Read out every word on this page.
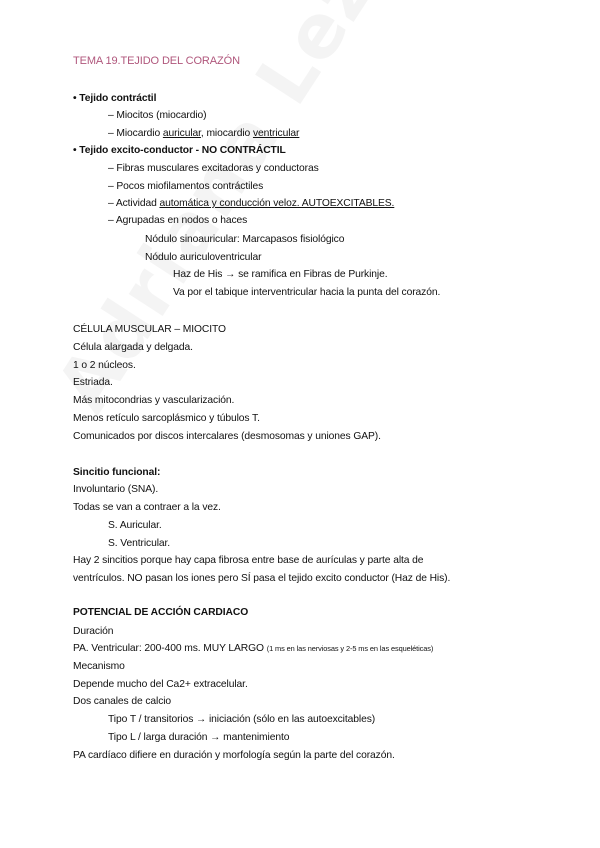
TEMA 19.TEJIDO DEL CORAZÓN
• Tejido contráctil
– Miocitos (miocardio)
– Miocardio auricular, miocardio ventricular
• Tejido excito-conductor - NO CONTRÁCTIL
– Fibras musculares excitadoras y conductoras
– Pocos miofilamentos contráctiles
– Actividad automática y conducción veloz. AUTOEXCITABLES.
– Agrupadas en nodos o haces
Nódulo sinoauricular: Marcapasos fisiológico
Nódulo auriculoventricular
Haz de His → se ramifica en Fibras de Purkinje.
Va por el tabique interventricular hacia la punta del corazón.
CÉLULA MUSCULAR – MIOCITO
Célula alargada y delgada.
1 o 2 núcleos.
Estriada.
Más mitocondrias y vascularización.
Menos retículo sarcoplásmico y túbulos T.
Comunicados por discos intercalares (desmosomas y uniones GAP).
Sincitio funcional:
Involuntario (SNA).
Todas se van a contraer a la vez.
S. Auricular.
S. Ventricular.
Hay 2 sincitios porque hay capa fibrosa entre base de aurículas y parte alta de
ventrículos. NO pasan los iones pero SÍ pasa el tejido excito conductor (Haz de His).
POTENCIAL DE ACCIÓN CARDIACO
Duración
PA. Ventricular: 200-400 ms. MUY LARGO (1 ms en las nerviosas y 2-5 ms en las esqueléticas)
Mecanismo
Depende mucho del Ca2+ extracelular.
Dos canales de calcio
Tipo T / transitorios → iniciación (sólo en las autoexcitables)
Tipo L / larga duración → mantenimiento
PA cardíaco difiere en duración y morfología según la parte del corazón.
